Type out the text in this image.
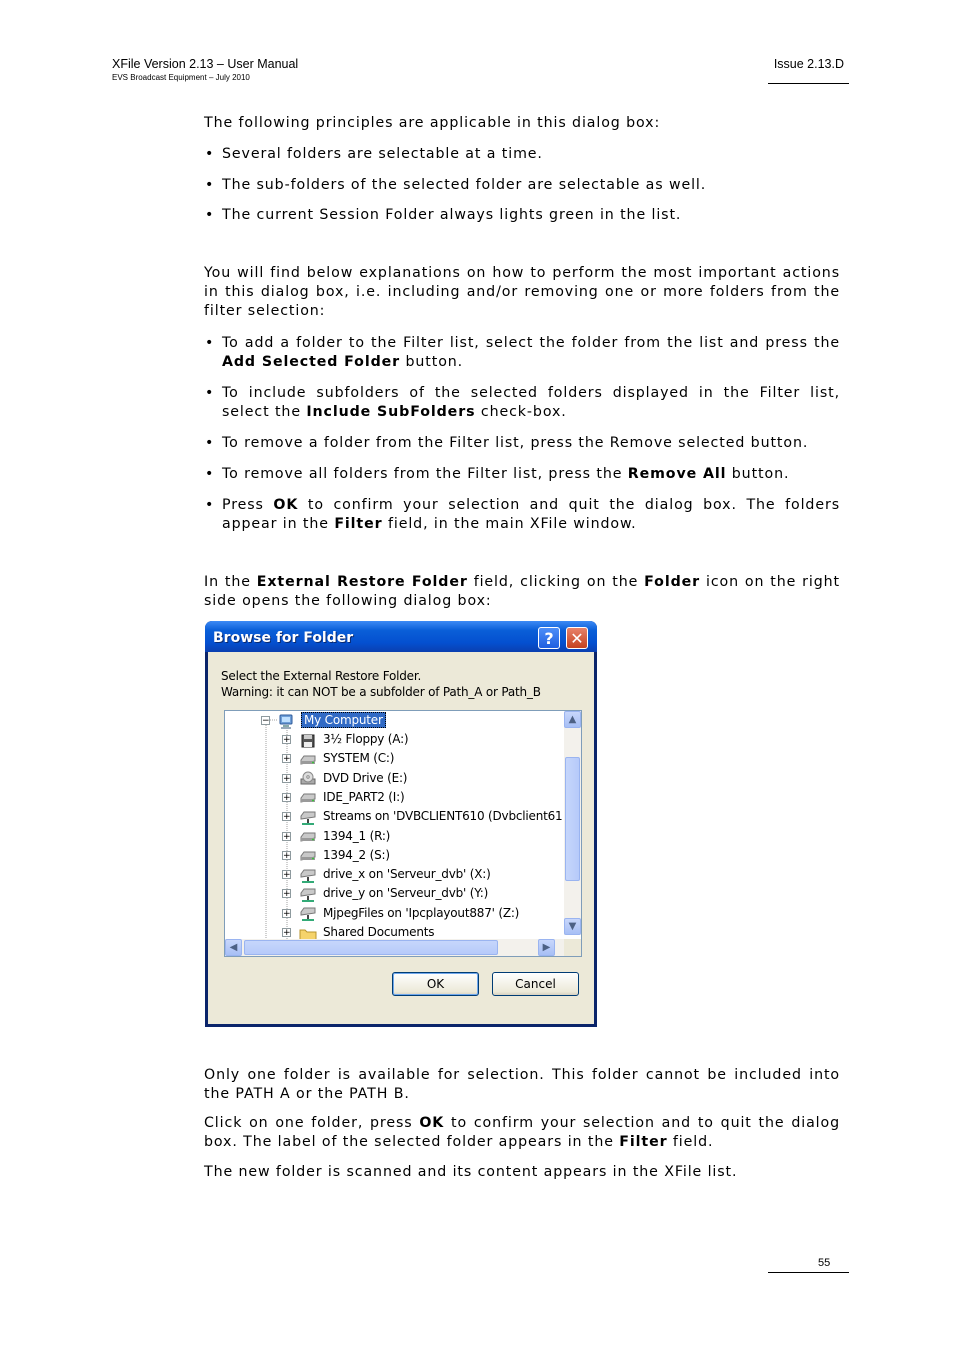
XFile Version 2.13 – User Manual
EVS Broadcast Equipment – July 2010
Issue 2.13.D
The following principles are applicable in this dialog box:
• Several folders are selectable at a time.
• The sub-folders of the selected folder are selectable as well.
• The current Session Folder always lights green in the list.
You will find below explanations on how to perform the most important actions in this dialog box, i.e. including and/or removing one or more folders from the filter selection:
• To add a folder to the Filter list, select the folder from the list and press the Add Selected Folder button.
• To include subfolders of the selected folders displayed in the Filter list, select the Include SubFolders check-box.
• To remove a folder from the Filter list, press the Remove selected button.
• To remove all folders from the Filter list, press the Remove All button.
• Press OK to confirm your selection and quit the dialog box. The folders appear in the Filter field, in the main XFile window.
In the External Restore Folder field, clicking on the Folder icon on the right side opens the following dialog box:
Browse for Folder	?	✕
Select the External Restore Folder.
Warning: it can NOT be a subfolder of Path_A or Path_B
−	My Computer
+	3½ Floppy (A:)
+	SYSTEM (C:)
+	DVD Drive (E:)
+	IDE_PART2 (I:)
+	Streams on 'DVBCLIENT610 (Dvbclient61
+	1394_1 (R:)
+	1394_2 (S:)
+	drive_x on 'Serveur_dvb' (X:)
+	drive_y on 'Serveur_dvb' (Y:)
+	MjpegFiles on 'Ipcplayout887' (Z:)
+	Shared Documents
▲
▼
◀	▶
OK	Cancel
Only one folder is available for selection. This folder cannot be included into the PATH A or the PATH B.
Click on one folder, press OK to confirm your selection and to quit the dialog box. The label of the selected folder appears in the Filter field.
The new folder is scanned and its content appears in the XFile list.
55
